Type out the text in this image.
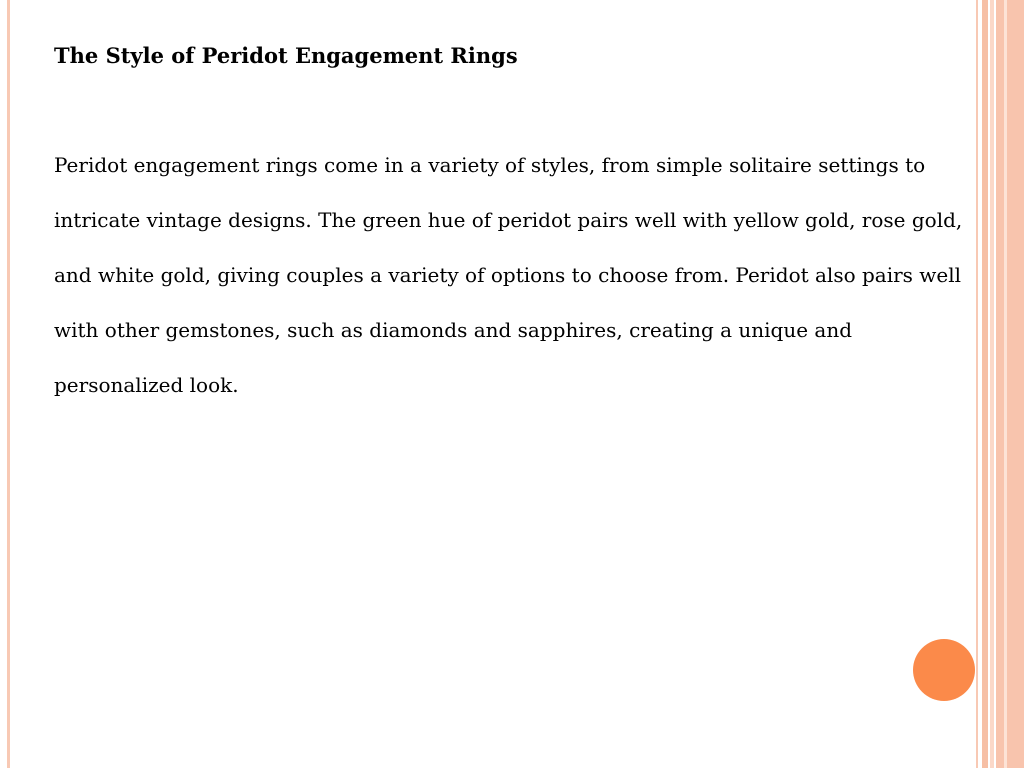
The Style of Peridot Engagement Rings

Peridot engagement rings come in a variety of styles, from simple solitaire settings to intricate vintage designs. The green hue of peridot pairs well with yellow gold, rose gold, and white gold, giving couples a variety of options to choose from. Peridot also pairs well with other gemstones, such as diamonds and sapphires, creating a unique and personalized look.
